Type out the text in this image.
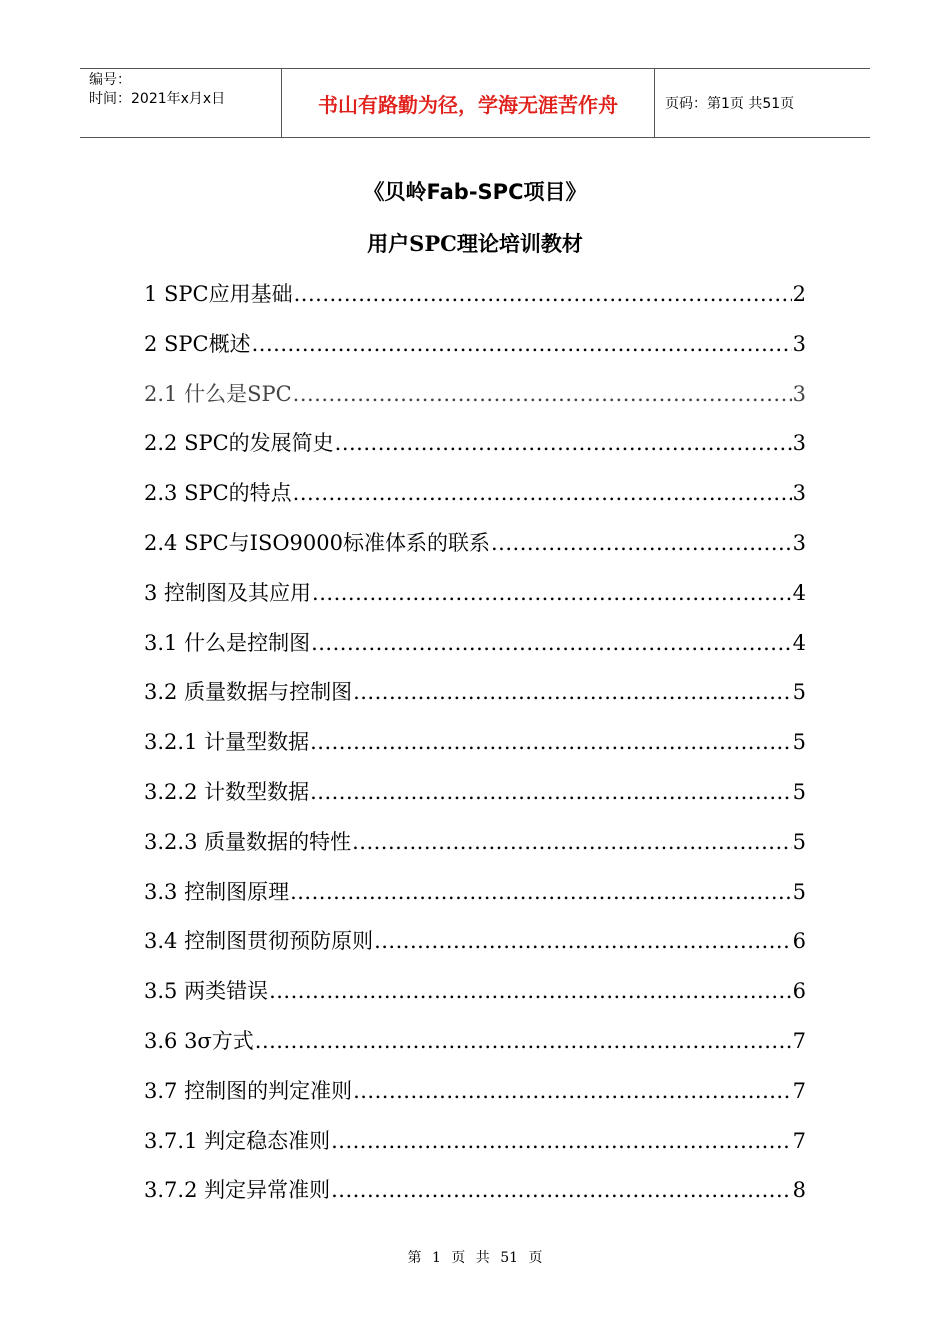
编号：
时间：2021年x月x日	书山有路勤为径，学海无涯苦作舟	页码：第1页 共51页
《贝岭Fab-SPC项目》
用户SPC理论培训教材
1 SPC应用基础 .....	2
2 SPC概述 .....	3
2.1 什么是SPC .....	3
2.2 SPC的发展简史 .....	3
2.3 SPC的特点 .....	3
2.4 SPC与ISO9000标准体系的联系 .....	3
3 控制图及其应用 .....	4
3.1 什么是控制图 .....	4
3.2 质量数据与控制图 .....	5
3.2.1 计量型数据 .....	5
3.2.2 计数型数据 .....	5
3.2.3 质量数据的特性 .....	5
3.3 控制图原理 .....	5
3.4 控制图贯彻预防原则 .....	6
3.5 两类错误 .....	6
3.6 3σ方式 .....	7
3.7 控制图的判定准则 .....	7
3.7.1 判定稳态准则 .....	7
3.7.2 判定异常准则 .....	8
第 1 页 共 51 页
